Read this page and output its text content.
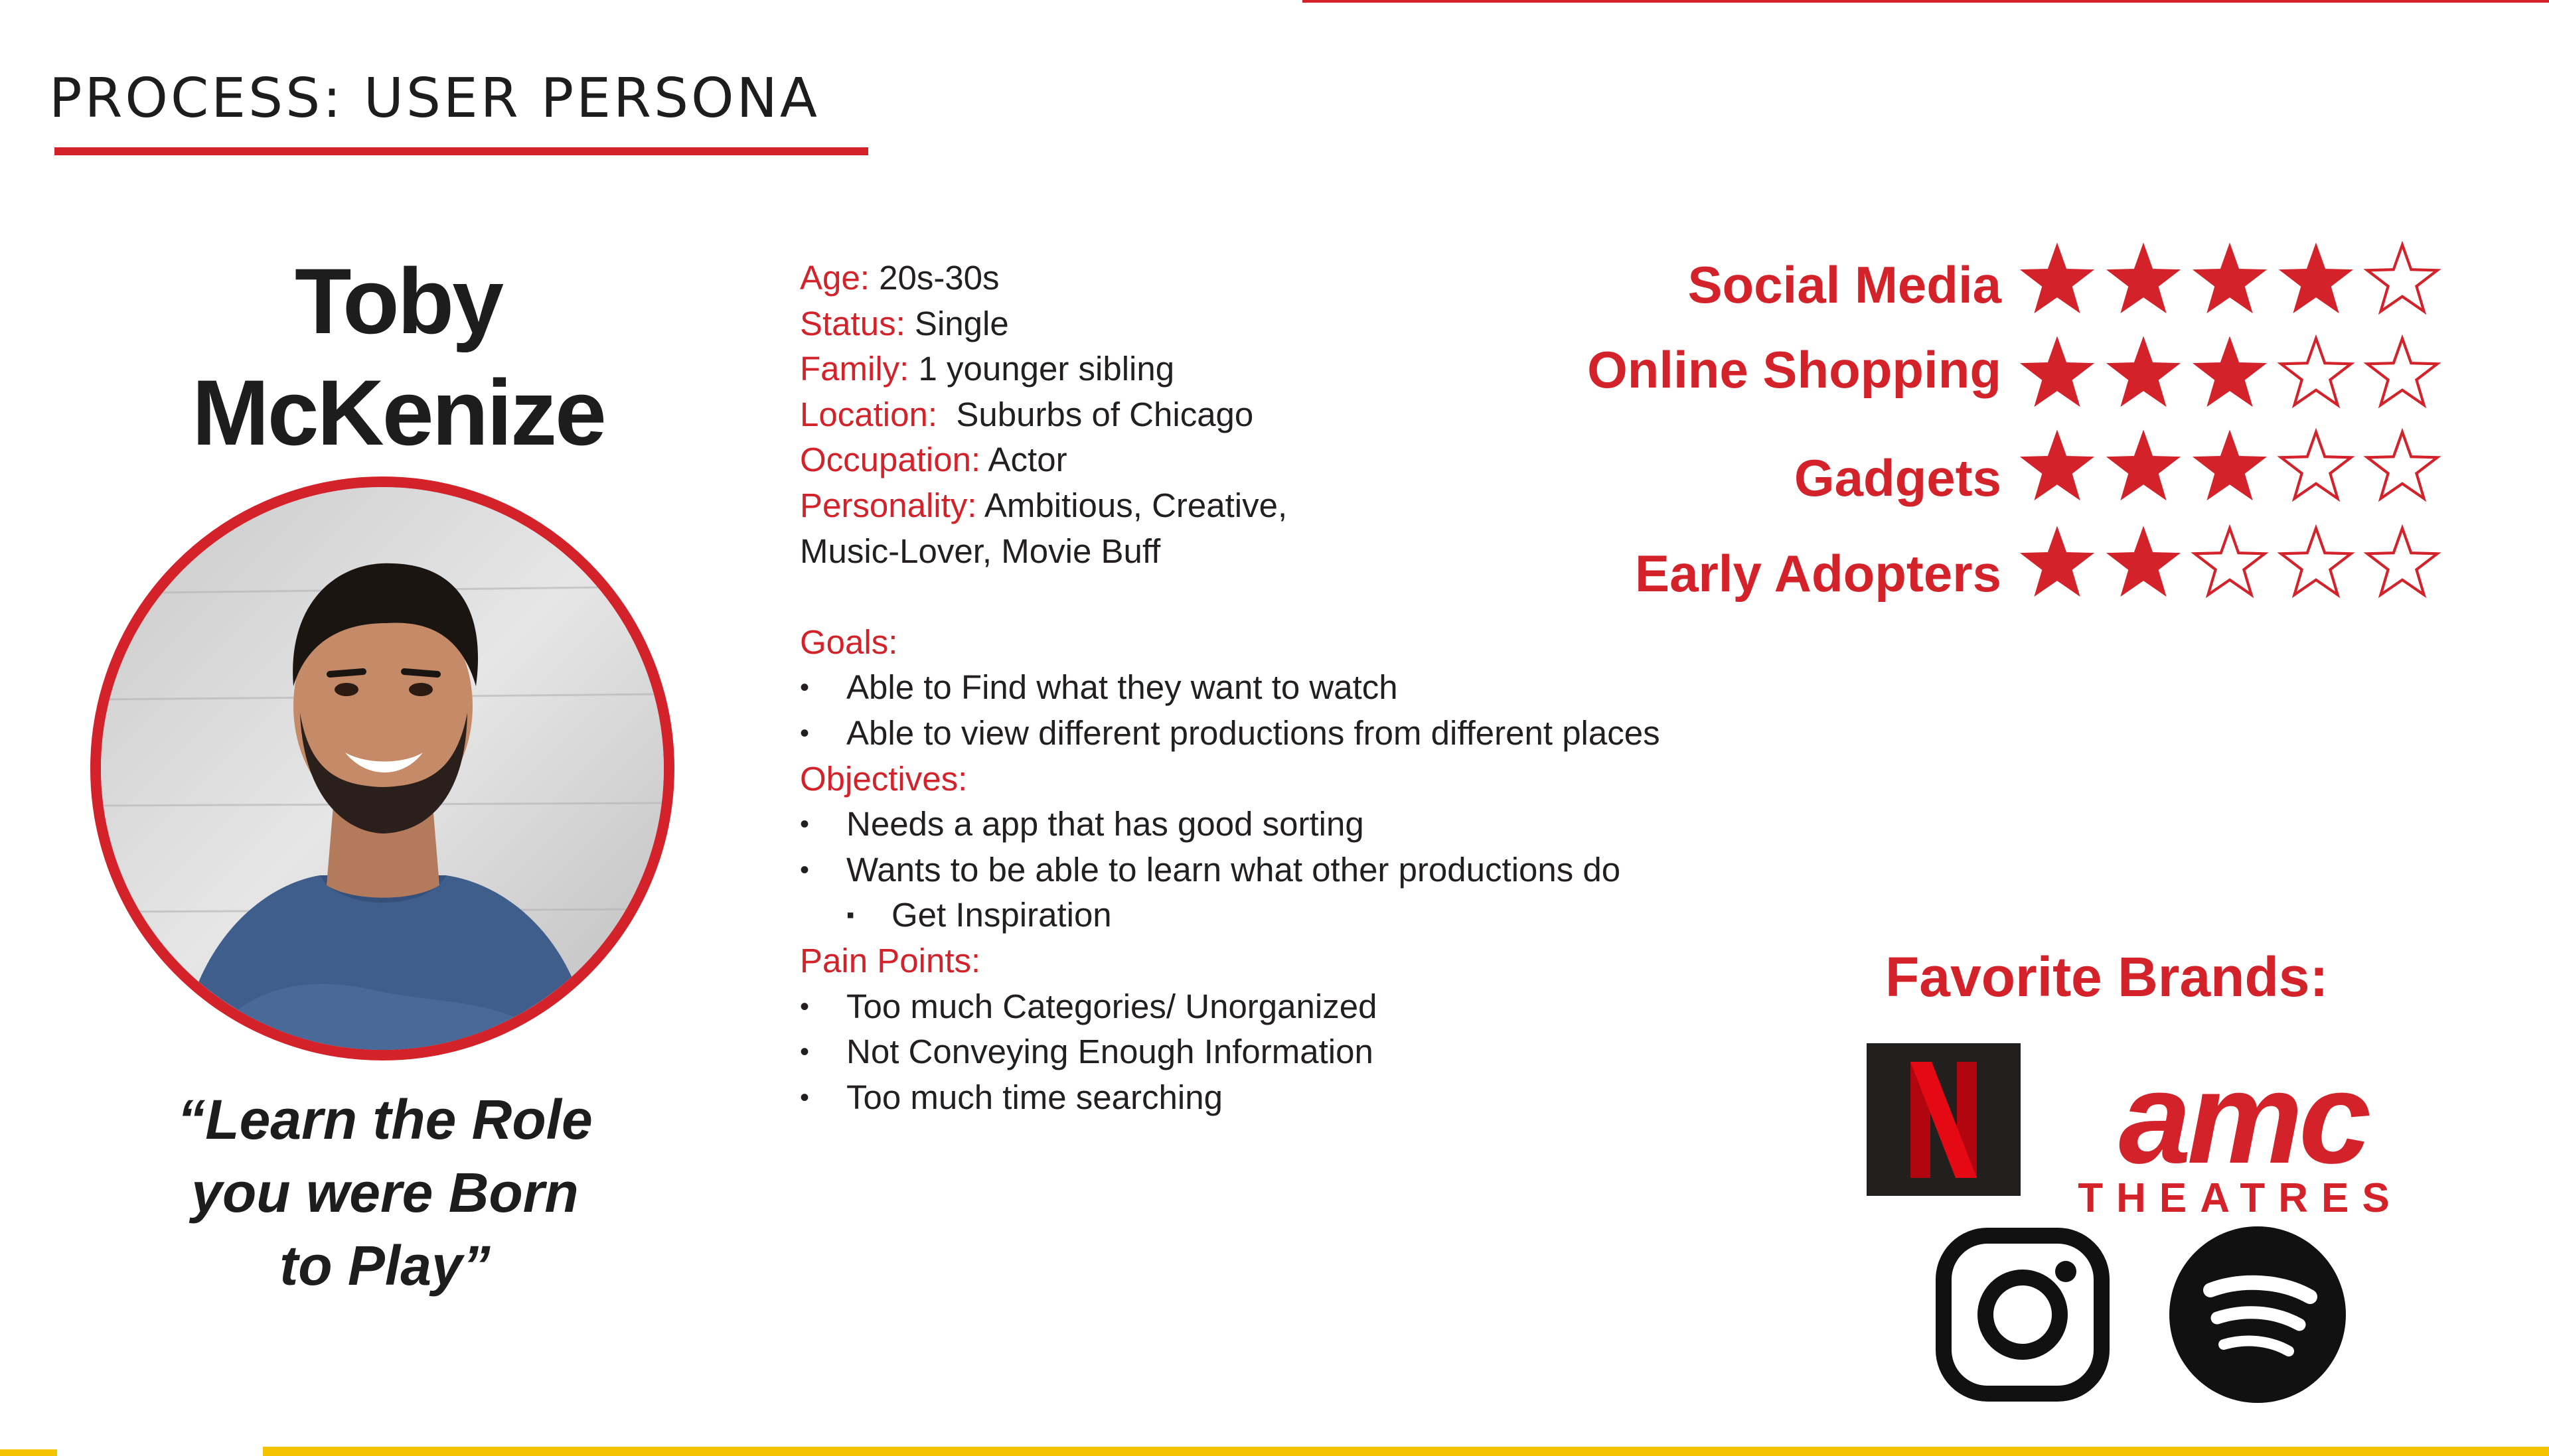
PROCESS: USER PERSONA
Toby
McKenize
“Learn the Role
you were Born
to Play”
Age: 20s-30s
Status: Single
Family: 1 younger sibling
Location:  Suburbs of Chicago
Occupation: Actor
Personality: Ambitious, Creative,
Music-Lover, Movie Buff
Goals:
• Able to Find what they want to watch
• Able to view different productions from different places
Objectives:
• Needs a app that has good sorting
• Wants to be able to learn what other productions do
▪ Get Inspiration
Pain Points:
• Too much Categories/ Unorganized
• Not Conveying Enough Information
• Too much time searching
Social Media
Online Shopping
Gadgets
Early Adopters
Favorite Brands:
amc
THEATRES
